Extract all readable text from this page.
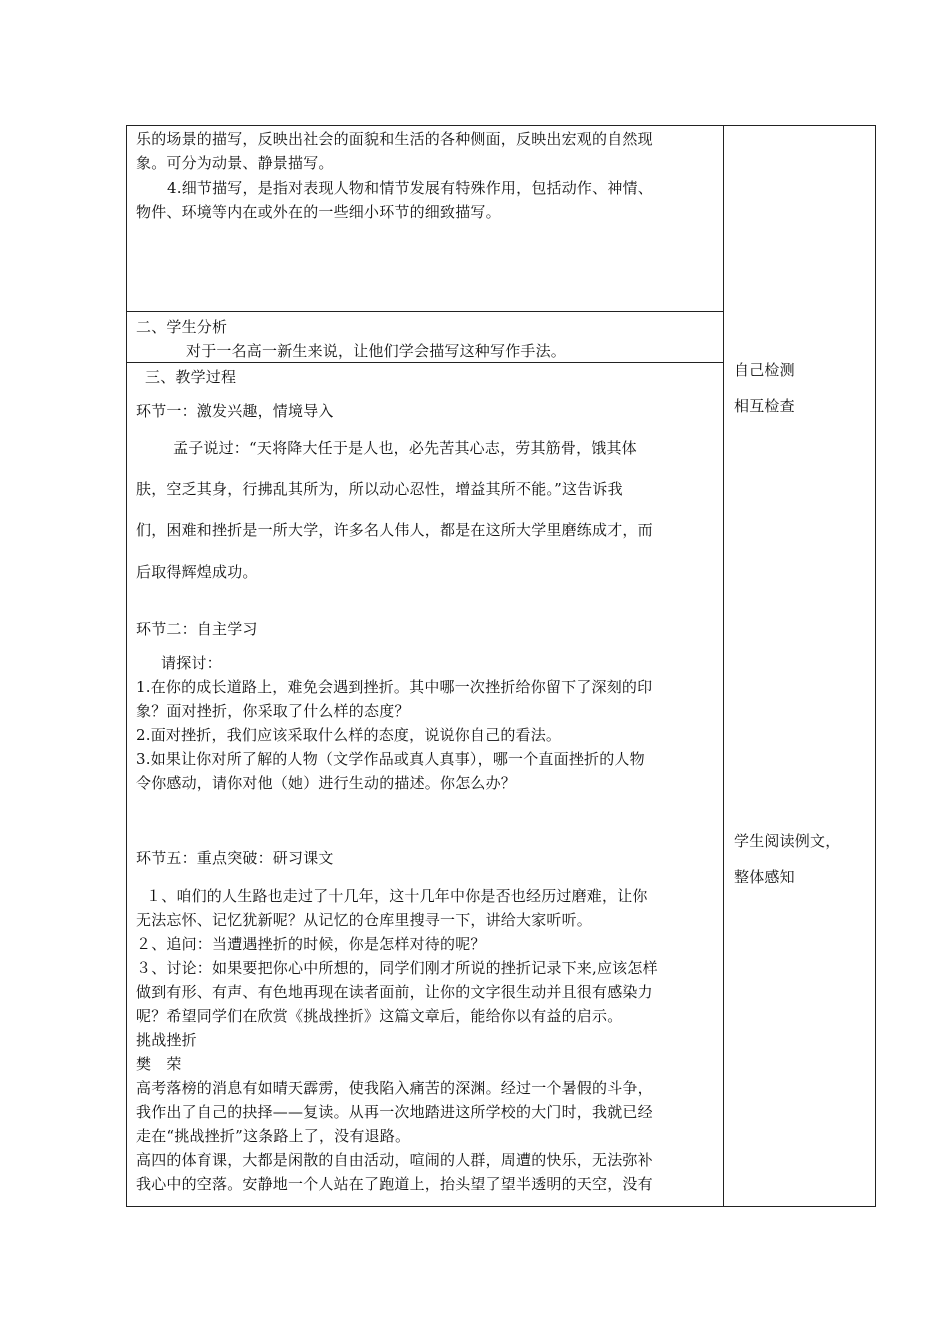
乐的场景的描写，反映出社会的面貌和生活的各种侧面，反映出宏观的自然现
象。可分为动景、静景描写。
4.细节描写，是指对表现人物和情节发展有特殊作用，包括动作、神情、
物件、环境等内在或外在的一些细小环节的细致描写。
二、学生分析
对于一名高一新生来说，让他们学会描写这种写作手法。
三、教学过程
环节一：激发兴趣，情境导入
孟子说过：“天将降大任于是人也，必先苦其心志，劳其筋骨，饿其体
肤，空乏其身，行拂乱其所为，所以动心忍性，增益其所不能。”这告诉我
们，困难和挫折是一所大学，许多名人伟人，都是在这所大学里磨练成才，而
后取得辉煌成功。
环节二：自主学习
请探讨：
1.在你的成长道路上，难免会遇到挫折。其中哪一次挫折给你留下了深刻的印
象？面对挫折，你采取了什么样的态度？
2.面对挫折，我们应该采取什么样的态度，说说你自己的看法。
3.如果让你对所了解的人物（文学作品或真人真事），哪一个直面挫折的人物
令你感动，请你对他（她）进行生动的描述。你怎么办？
环节五：重点突破：研习课文
１、咱们的人生路也走过了十几年，这十几年中你是否也经历过磨难，让你
无法忘怀、记忆犹新呢？从记忆的仓库里搜寻一下，讲给大家听听。
２、追问：当遭遇挫折的时候，你是怎样对待的呢？
３、讨论：如果要把你心中所想的，同学们刚才所说的挫折记录下来,应该怎样
做到有形、有声、有色地再现在读者面前，让你的文字很生动并且很有感染力
呢？希望同学们在欣赏《挑战挫折》这篇文章后，能给你以有益的启示。
挑战挫折
樊　荣
高考落榜的消息有如晴天霹雳，使我陷入痛苦的深渊。经过一个暑假的斗争，
我作出了自己的抉择——复读。从再一次地踏进这所学校的大门时，我就已经
走在“挑战挫折”这条路上了，没有退路。
高四的体育课，大都是闲散的自由活动，喧闹的人群，周遭的快乐，无法弥补
我心中的空落。安静地一个人站在了跑道上，抬头望了望半透明的天空，没有
自己检测
相互检查
学生阅读例文，
整体感知
